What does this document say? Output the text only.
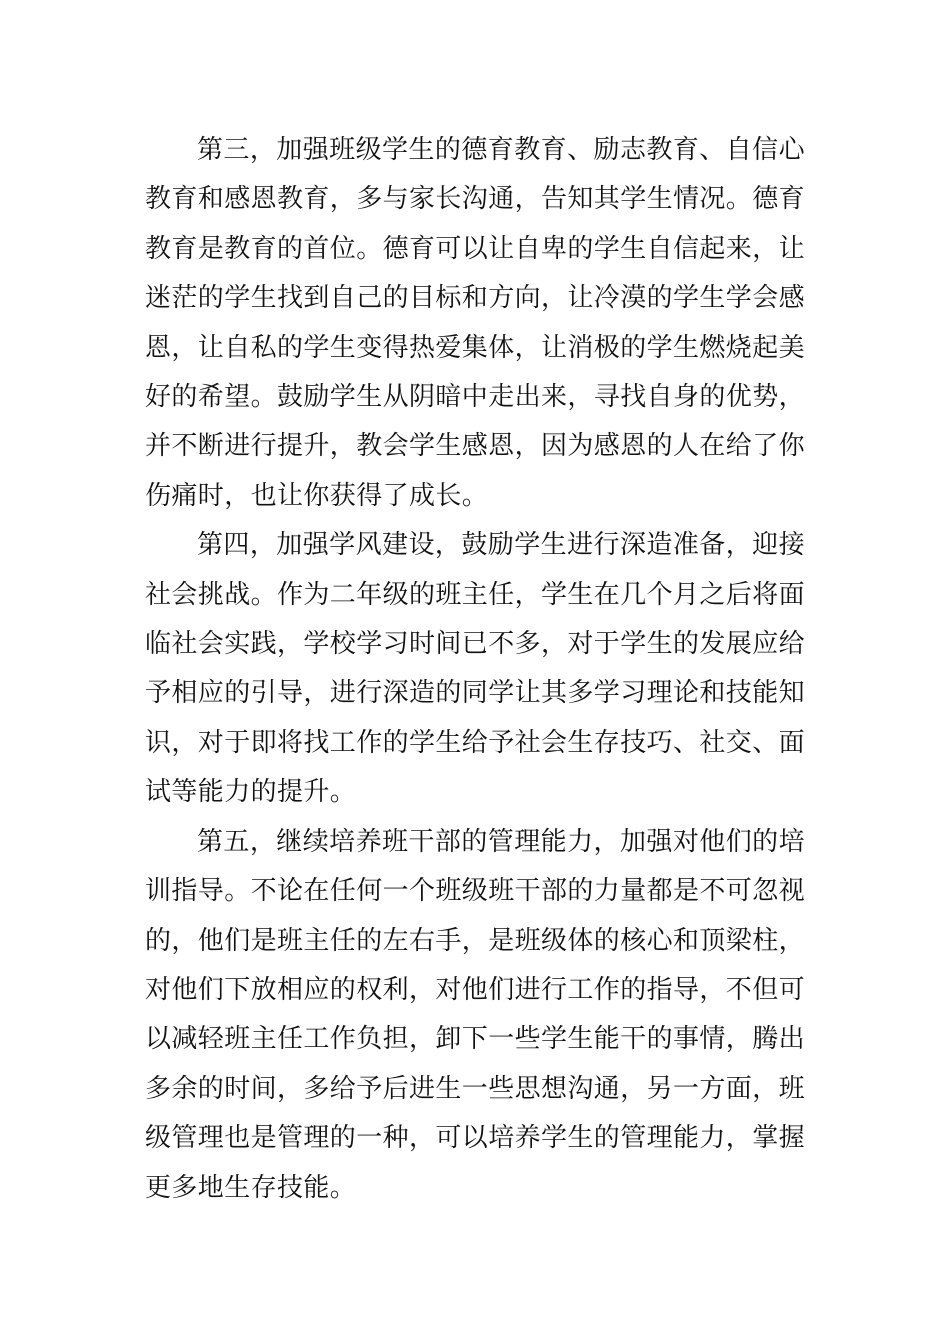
第三，加强班级学生的德育教育、励志教育、自信心教育和感恩教育，多与家长沟通，告知其学生情况。德育教育是教育的首位。德育可以让自卑的学生自信起来，让迷茫的学生找到自己的目标和方向，让冷漠的学生学会感恩，让自私的学生变得热爱集体，让消极的学生燃烧起美好的希望。鼓励学生从阴暗中走出来，寻找自身的优势，并不断进行提升，教会学生感恩，因为感恩的人在给了你伤痛时，也让你获得了成长。

第四，加强学风建设，鼓励学生进行深造准备，迎接社会挑战。作为二年级的班主任，学生在几个月之后将面临社会实践，学校学习时间已不多，对于学生的发展应给予相应的引导，进行深造的同学让其多学习理论和技能知识，对于即将找工作的学生给予社会生存技巧、社交、面试等能力的提升。

第五，继续培养班干部的管理能力，加强对他们的培训指导。不论在任何一个班级班干部的力量都是不可忽视的，他们是班主任的左右手，是班级体的核心和顶梁柱，对他们下放相应的权利，对他们进行工作的指导，不但可以减轻班主任工作负担，卸下一些学生能干的事情，腾出多余的时间，多给予后进生一些思想沟通，另一方面，班级管理也是管理的一种，可以培养学生的管理能力，掌握更多地生存技能。
